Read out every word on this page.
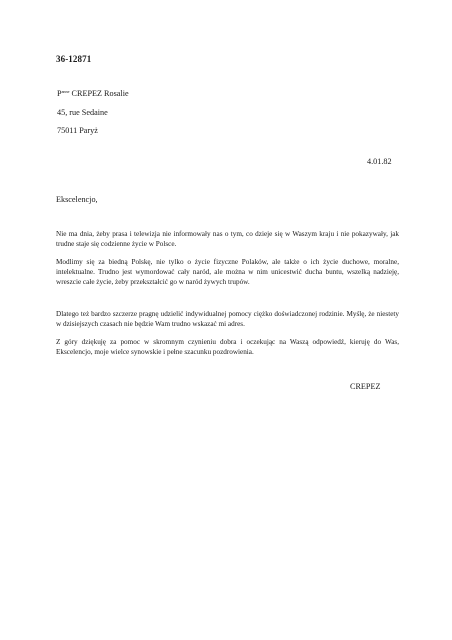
36-12871
$P^{anne}$ CREPEZ Rosalie
45, rue Sedaine
75011 Paryż
4.01.82
Ekscelencjo,
Nie ma dnia, żeby prasa i telewizja nie informowały nas o tym, co dzieje się w Waszym kraju i nie pokazywały, jak trudne staje się codzienne życie w Polsce.
Modlimy się za biedną Polskę, nie tylko o życie fizyczne Polaków, ale także o ich życie duchowe, moralne, intelektualne. Trudno jest wymordować cały naród, ale można w nim unicestwić ducha buntu, wszelką nadzieję, wreszcie całe życie, żeby przekształcić go w naród żywych trupów.
Dlatego też bardzo szczerze pragnę udzielić indywidualnej pomocy ciężko doświadczonej rodzinie. Myślę, że niestety w dzisiejszych czasach nie będzie Wam trudno wskazać mi adres.
Z góry dziękuję za pomoc w skromnym czynieniu dobra i oczekując na Waszą odpowiedź, kieruję do Was, Ekscelencjo, moje wielce synowskie i pełne szacunku pozdrowienia.
CREPEZ
